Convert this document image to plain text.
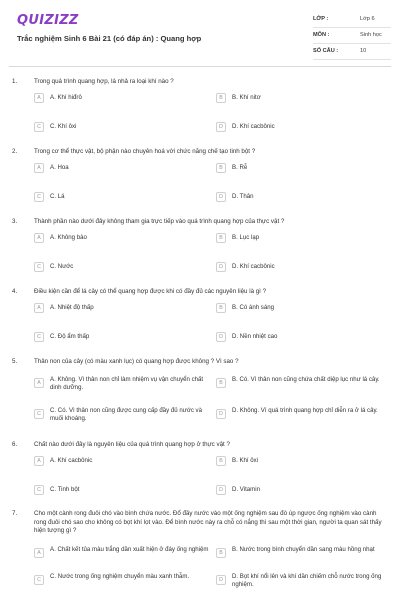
QUIZIZZ
Trắc nghiệm Sinh 6 Bài 21 (có đáp án) : Quang hợp
LỚP :	Lớp 6
MÔN :	Sinh học
SỐ CÂU :	10
1.	Trong quá trình quang hợp, lá nhả ra loại khí nào ?
A	A. Khí hiđrô	B	B. Khí nitơ
C	C. Khí ôxi	D	D. Khí cacbônic
2.	Trong cơ thể thực vật, bộ phận nào chuyên hoá với chức năng chế tạo tinh bột ?
A	A. Hoa	B	B. Rễ
C	C. Lá	D	D. Thân
3.	Thành phần nào dưới đây không tham gia trực tiếp vào quá trình quang hợp của thực vật ?
A	A. Không bào	B	B. Lục lạp
C	C. Nước	D	D. Khí cacbônic
4.	Điều kiện cần để lá cây có thể quang hợp được khi có đầy đủ các nguyên liệu là gì ?
A	A. Nhiệt độ thấp	B	B. Có ánh sáng
C	C. Độ ẩm thấp	D	D. Nền nhiệt cao
5.	Thân non của cây (có màu xanh lục) có quang hợp được không ? Vì sao ?
A	A. Không. Vì thân non chỉ làm nhiệm vụ vận chuyển chất dinh dưỡng.
B	B. Có. Vì thân non cũng chứa chất diệp lục như lá cây.
C	C. Có. Vì thân non cũng được cung cấp đầy đủ nước và muối khoáng.
D	D. Không. Vì quá trình quang hợp chỉ diễn ra ở lá cây.
6.	Chất nào dưới đây là nguyên liệu của quá trình quang hợp ở thực vật ?
A	A. Khí cacbônic	B	B. Khí ôxi
C	C. Tinh bột	D	D. Vitamin
7.	Cho một cành rong đuôi chó vào bình chứa nước. Đổ đầy nước vào một ống nghiệm sau đó úp ngược ống nghiệm vào cành rong đuôi chó sao cho không có bọt khí lọt vào. Để bình nước này ra chỗ có nắng thì sau một thời gian, người ta quan sát thấy hiện tượng gì ?
A	A. Chất kết tủa màu trắng dần xuất hiện ở đáy ống nghiệm	B	B. Nước trong bình chuyển dần sang màu hồng nhạt
C	C. Nước trong ống nghiệm chuyển màu xanh thẫm.	D	D. Bọt khí nổi lên và khí dần chiếm chỗ nước trong ống nghiệm.
